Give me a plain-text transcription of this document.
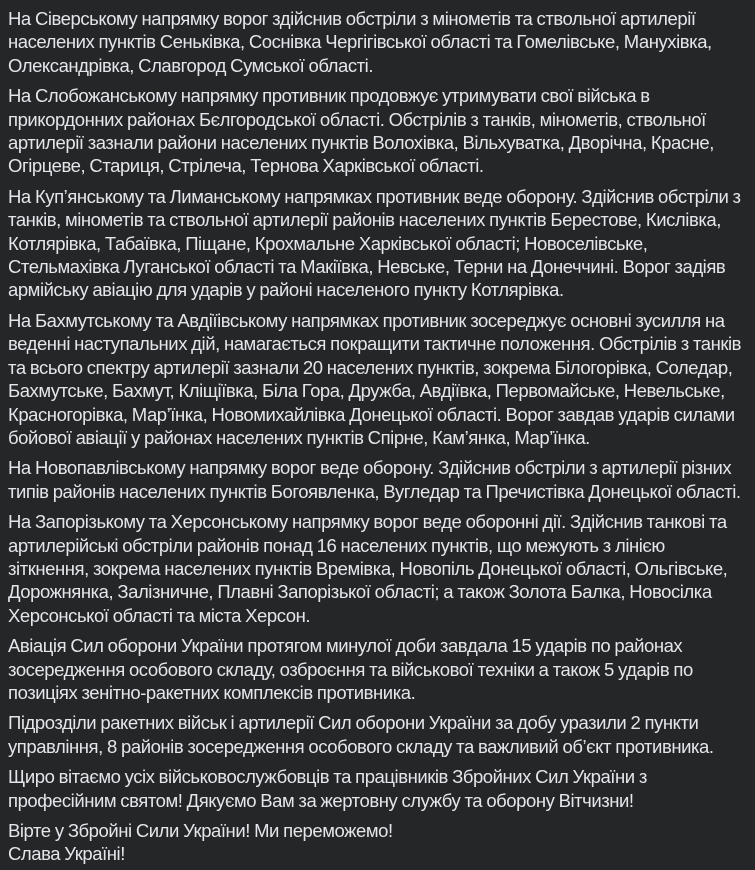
На Сіверському напрямку ворог здійснив обстріли з мінометів та ствольної артилерії населених пунктів Сеньківка, Соснівка Чергігівської області та Гомелівське, Манухівка, Олександрівка, Славгород Сумської області.

На Слобожанському напрямку противник продовжує утримувати свої війська в прикордонних районах Бєлгородської області. Обстрілів з танків, мінометів, ствольної артилерії зазнали райони населених пунктів Волохівка, Вільхуватка, Дворічна, Красне, Огірцеве, Стариця, Стрілеча, Тернова Харківської області.

На Куп’янському та Лиманському напрямках противник веде оборону. Здійснив обстріли з танків, мінометів та ствольної артилерії районів населених пунктів Берестове, Кислівка, Котлярівка, Табаївка, Піщане, Крохмальне Харківської області; Новоселівське, Стельмахівка Луганської області та Макіївка, Невське, Терни на Донеччині. Ворог задіяв армійську авіацію для ударів у районі населеного пункту Котлярівка.

На Бахмутському та Авдіїівському напрямках противник зосереджує основні зусилля на веденні наступальних дій, намагається покращити тактичне положення. Обстрілів з танків та всього спектру артилерії зазнали 20 населених пунктів, зокрема Білогорівка, Соледар, Бахмутське, Бахмут, Кліщіївка, Біла Гора, Дружба, Авдіївка, Первомайське, Невельське, Красногорівка, Мар’їнка, Новомихайлівка Донецької області. Ворог завдав ударів силами бойової авіації у районах населених пунктів Спірне, Кам’янка, Мар’їнка.

На Новопавлівському напрямку ворог веде оборону. Здійснив обстріли з артилерії різних типів районів населених пунктів Богоявленка, Вугледар та Пречистівка Донецької області.

На Запорізькому та Херсонському напрямку ворог веде оборонні дії. Здійснив танкові та артилерійські обстріли районів понад 16 населених пунктів, що межують з лінією зіткнення, зокрема населених пунктів Времівка, Новопіль Донецької області, Ольгівське, Дорожнянка, Залізничне, Плавні Запорізької області; а також Золота Балка, Новосілка Херсонської області та міста Херсон.

Авіація Сил оборони України протягом минулої доби завдала 15 ударів по районах зосередження особового складу, озброєння та військової техніки а також 5 ударів по позиціях зенітно-ракетних комплексів противника.

Підрозділи ракетних військ і артилерії Сил оборони України за добу уразили 2 пункти управління, 8 районів зосередження особового складу та важливий об’єкт противника.

Щиро вітаємо усіх військовослужбовців та працівників Збройних Сил України з професійним святом! Дякуємо Вам за жертовну службу та оборону Вітчизни!

Вірте у Збройні Сили України! Ми переможемо!
Слава Україні!
